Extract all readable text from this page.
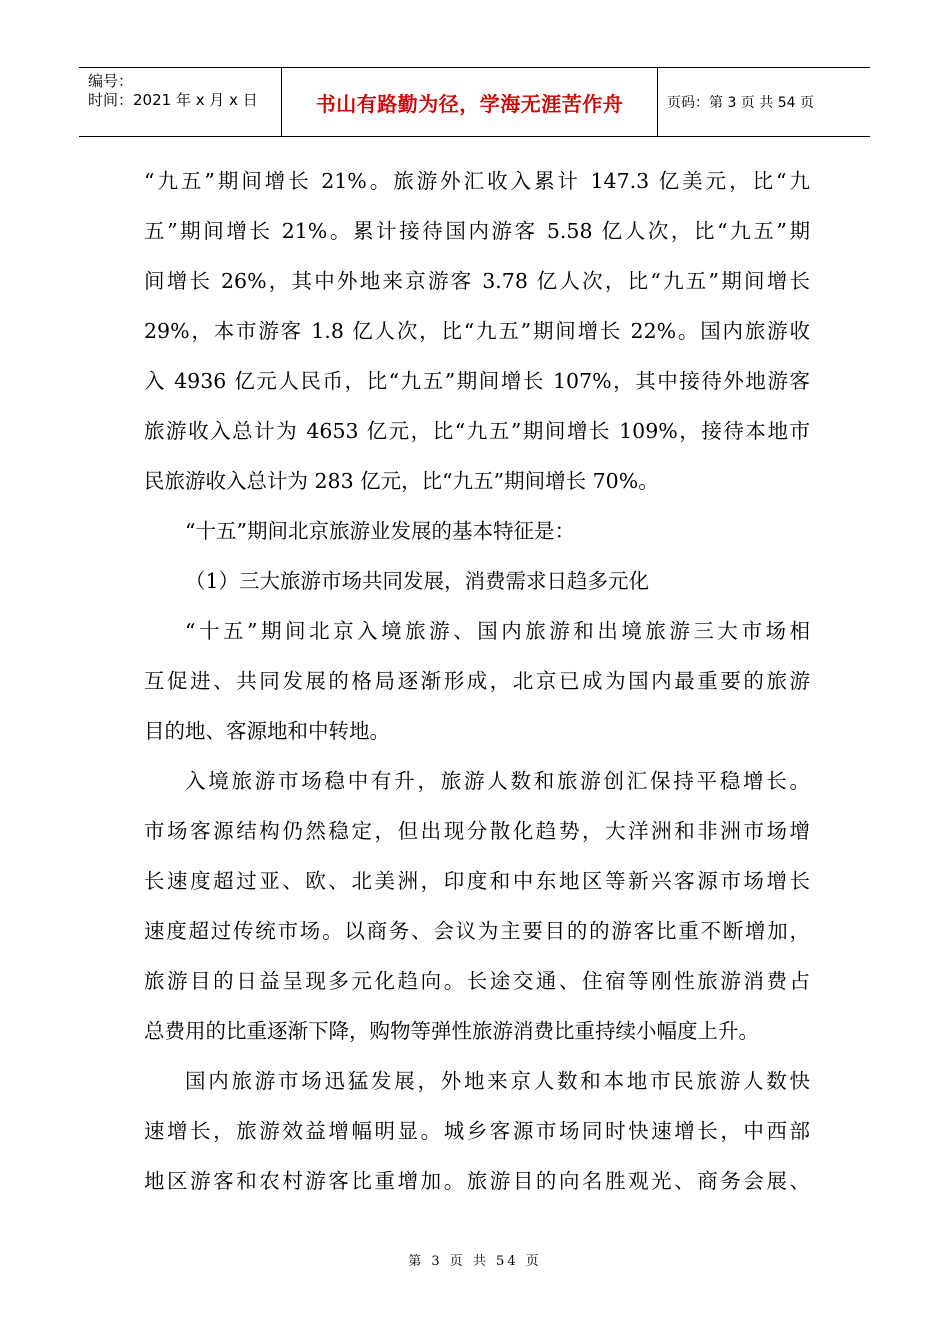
编号：
时间：2021 年 x 月 x 日	书山有路勤为径，学海无涯苦作舟	页码：第 3 页 共 54 页
“九五”期间增长 21%。旅游外汇收入累计 147.3 亿美元，比“九
五”期间增长 21%。累计接待国内游客 5.58 亿人次，比“九五”期
间增长 26%，其中外地来京游客 3.78 亿人次，比“九五”期间增长
29%，本市游客 1.8 亿人次，比“九五”期间增长 22%。国内旅游收
入 4936 亿元人民币，比“九五”期间增长 107%，其中接待外地游客
旅游收入总计为 4653 亿元，比“九五”期间增长 109%，接待本地市
民旅游收入总计为 283 亿元，比“九五”期间增长 70%。
“十五”期间北京旅游业发展的基本特征是：
（1）三大旅游市场共同发展，消费需求日趋多元化
“十五”期间北京入境旅游、国内旅游和出境旅游三大市场相
互促进、共同发展的格局逐渐形成，北京已成为国内最重要的旅游
目的地、客源地和中转地。
入境旅游市场稳中有升，旅游人数和旅游创汇保持平稳增长。
市场客源结构仍然稳定，但出现分散化趋势，大洋洲和非洲市场增
长速度超过亚、欧、北美洲，印度和中东地区等新兴客源市场增长
速度超过传统市场。以商务、会议为主要目的的游客比重不断增加，
旅游目的日益呈现多元化趋向。长途交通、住宿等刚性旅游消费占
总费用的比重逐渐下降，购物等弹性旅游消费比重持续小幅度上升。
国内旅游市场迅猛发展，外地来京人数和本地市民旅游人数快
速增长，旅游效益增幅明显。城乡客源市场同时快速增长，中西部
地区游客和农村游客比重增加。旅游目的向名胜观光、商务会展、
第 3 页 共 54 页
